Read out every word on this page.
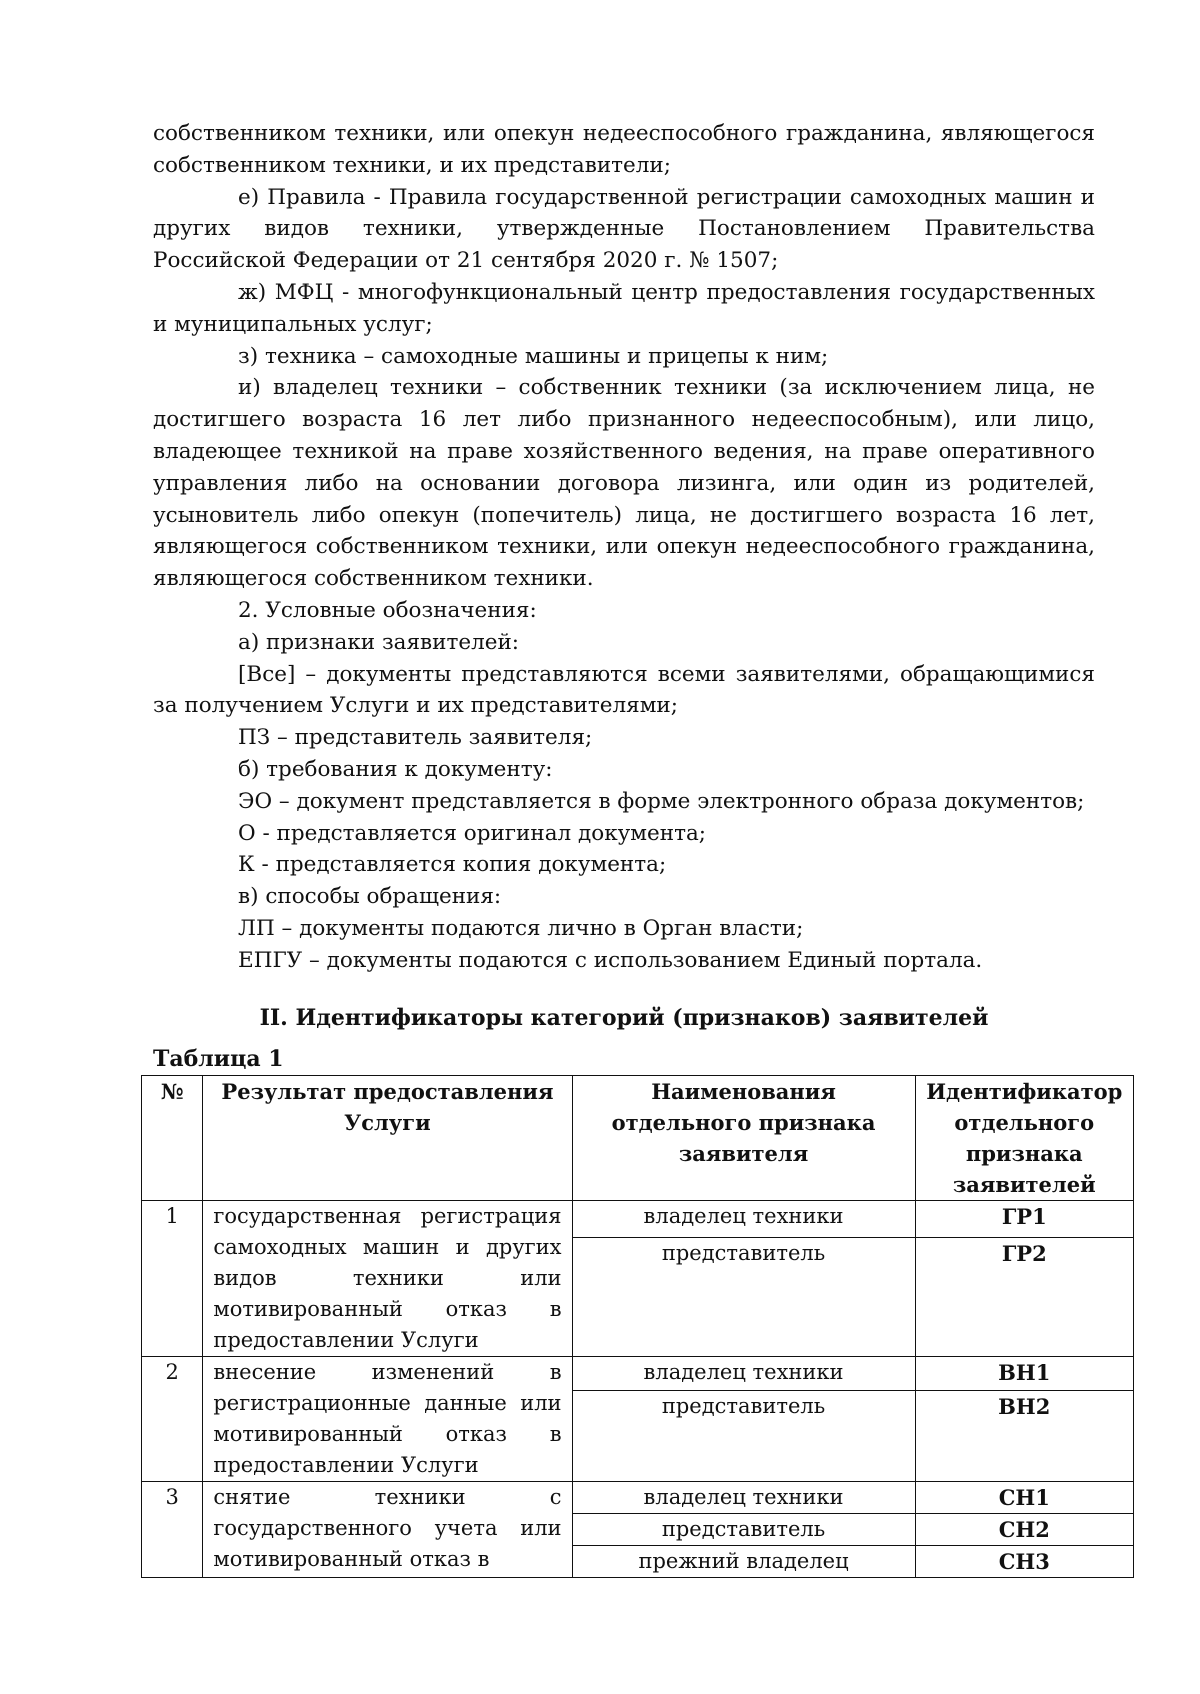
собственником техники, или опекун недееспособного гражданина, являющегося собственником техники, и их представители;

е) Правила - Правила государственной регистрации самоходных машин и других видов техники, утвержденные Постановлением Правительства Российской Федерации от 21 сентября 2020 г. № 1507;

ж) МФЦ - многофункциональный центр предоставления государственных и муниципальных услуг;

з) техника – самоходные машины и прицепы к ним;

и) владелец техники – собственник техники (за исключением лица, не достигшего возраста 16 лет либо признанного недееспособным), или лицо, владеющее техникой на праве хозяйственного ведения, на праве оперативного управления либо на основании договора лизинга, или один из родителей, усыновитель либо опекун (попечитель) лица, не достигшего возраста 16 лет, являющегося собственником техники, или опекун недееспособного гражданина, являющегося собственником техники.

2. Условные обозначения:

а) признаки заявителей:

[Все] – документы представляются всеми заявителями, обращающимися за получением Услуги и их представителями;

ПЗ – представитель заявителя;

б) требования к документу:

ЭО – документ представляется в форме электронного образа документов;

О - представляется оригинал документа;

К - представляется копия документа;

в) способы обращения:

ЛП – документы подаются лично в Орган власти;

ЕПГУ – документы подаются с использованием Единый портала.

II. Идентификаторы категорий (признаков) заявителей
Таблица 1
№	Результат предоставления Услуги	Наименования отдельного признака заявителя	Идентификатор отдельного признака заявителей
1	государственная регистрация самоходных машин и других видов техники или мотивированный отказ в предоставлении Услуги	владелец техники	ГР1
		представитель	ГР2
2	внесение изменений в регистрационные данные или мотивированный отказ в предоставлении Услуги	владелец техники	ВН1
		представитель	ВН2
3	снятие техники с государственного учета или мотивированный отказ в	владелец техники	СН1
		представитель	СН2
		прежний владелец	СН3
